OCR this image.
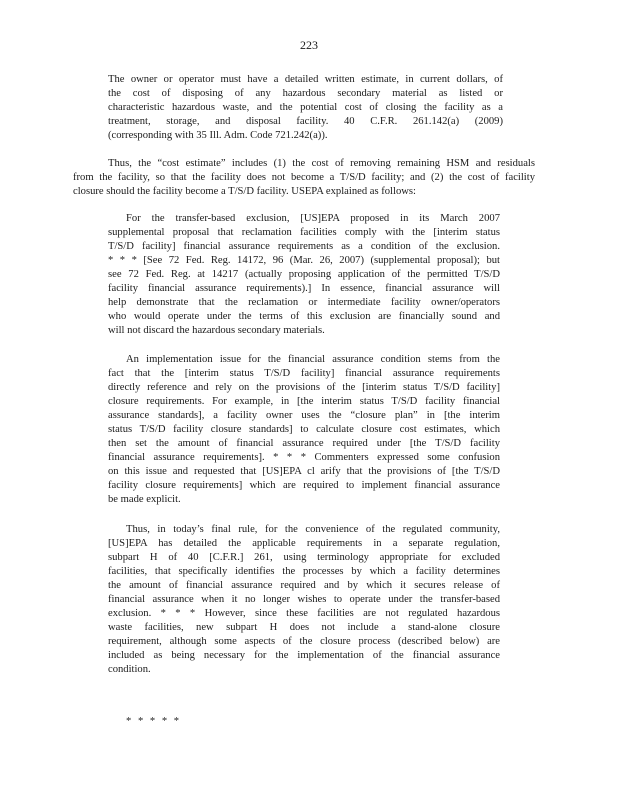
223
The owner or operator must have a detailed written estimate, in current dollars, of
the cost of disposing of any hazardous secondary material as listed or
characteristic hazardous waste, and the potential cost of closing the facility as a
treatment, storage, and disposal facility. 40 C.F.R. 261.142(a) (2009)
(corresponding with 35 Ill. Adm. Code 721.242(a)).
Thus, the “cost estimate” includes (1) the cost of removing remaining HSM and residuals
from the facility, so that the facility does not become a T/S/D facility; and (2) the cost of facility
closure should the facility become a T/S/D facility. USEPA explained as follows:
For the transfer-based exclusion, [US]EPA proposed in its March 2007
supplemental proposal that reclamation facilities comply with the [interim status
T/S/D facility] financial assurance requirements as a condition of the exclusion.
* * * [See 72 Fed. Reg. 14172, 96 (Mar. 26, 2007) (supplemental proposal); but
see 72 Fed. Reg. at 14217 (actually proposing application of the permitted T/S/D
facility financial assurance requirements).] In essence, financial assurance will
help demonstrate that the reclamation or intermediate facility owner/operators
who would operate under the terms of this exclusion are financially sound and
will not discard the hazardous secondary materials.
An implementation issue for the financial assurance condition stems from the
fact that the [interim status T/S/D facility] financial assurance requirements
directly reference and rely on the provisions of the [interim status T/S/D facility]
closure requirements. For example, in [the interim status T/S/D facility financial
assurance standards], a facility owner uses the “closure plan” in [the interim
status T/S/D facility closure standards] to calculate closure cost estimates, which
then set the amount of financial assurance required under [the T/S/D facility
financial assurance requirements]. * * * Commenters expressed some confusion
on this issue and requested that [US]EPA cl arify that the provisions of [the T/S/D
facility closure requirements] which are required to implement financial assurance
be made explicit.
Thus, in today’s final rule, for the convenience of the regulated community,
[US]EPA has detailed the applicable requirements in a separate regulation,
subpart H of 40 [C.F.R.] 261, using terminology appropriate for excluded
facilities, that specifically identifies the processes by which a facility determines
the amount of financial assurance required and by which it secures release of
financial assurance when it no longer wishes to operate under the transfer-based
exclusion. * * * However, since these facilities are not regulated hazardous
waste facilities, new subpart H does not include a stand-alone closure
requirement, although some aspects of the closure process (described below) are
included as being necessary for the implementation of the financial assurance
condition.
* * * * *
